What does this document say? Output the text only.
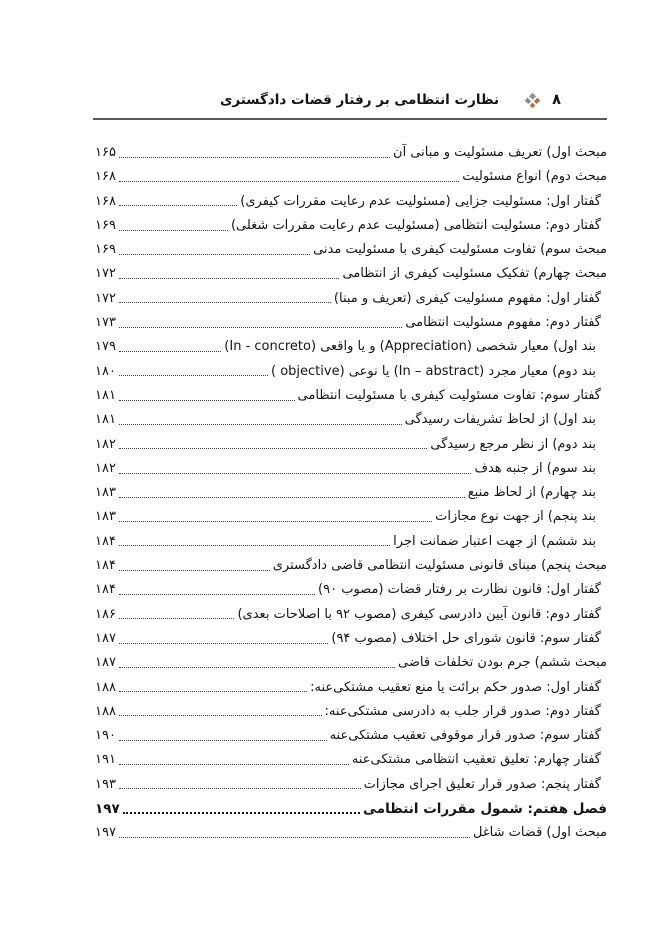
۸
نظارت انتظامی بر رفتار قضات دادگستری
مبحث اول) تعریف مسئولیت و مبانی آن
۱۶۵
مبحث دوم) انواع مسئولیت
۱۶۸
گفتار اول: مسئولیت جزایی (مسئولیت عدم رعایت مقررات کیفری)
۱۶۸
گفتار دوم: مسئولیت انتظامی (مسئولیت عدم رعایت مقررات شغلی)
۱۶۹
مبحث سوم) تفاوت مسئولیت کیفری با مسئولیت مدنی
۱۶۹
مبحث چهارم) تفکیک مسئولیت کیفری از انتظامی
۱۷۲
گفتار اول: مفهوم مسئولیت کیفری (تعریف و مبنا)
۱۷۲
گفتار دوم: مفهوم مسئولیت انتظامی
۱۷۳
بند اول) معیار شخصی (Appreciation) و یا واقعی (In - concreto)
۱۷۹
بند دوم) معیار مجرد (In – abstract) یا نوعی (objective )
۱۸۰
گفتار سوم: تفاوت مسئولیت کیفری با مسئولیت انتظامی
۱۸۱
بند اول) از لحاظ تشریفات رسیدگی
۱۸۱
بند دوم) از نظر مرجع رسیدگی
۱۸۲
بند سوم) از جنبه هدف
۱۸۲
بند چهارم) از لحاظ منبع
۱۸۳
بند پنجم) از جهت نوع مجازات
۱۸۳
بند ششم) از جهت اعتبار ضمانت اجرا
۱۸۴
مبحث پنجم) مبنای قانونی مسئولیت انتظامی قاضی دادگستری
۱۸۴
گفتار اول: قانون نظارت بر رفتار قضات (مصوب ۹۰)
۱۸۴
گفتار دوم: قانون آیین دادرسی کیفری (مصوب ۹۲ با اصلاحات بعدی)
۱۸۶
گفتار سوم: قانون شورای حل اختلاف (مصوب ۹۴)
۱۸۷
مبحث ششم) جرم بودن تخلفات قاضی
۱۸۷
گفتار اول: صدور حکم برائت یا منع تعقیب مشتکی‌عنه:
۱۸۸
گفتار دوم: صدور قرار جلب به دادرسی مشتکی‌عنه:
۱۸۸
گفتار سوم: صدور قرار موقوفی تعقیب مشتکی‌عنه
۱۹۰
گفتار چهارم: تعلیق تعقیب انتظامی مشتکی‌عنه
۱۹۱
گفتار پنجم: صدور قرار تعلیق اجرای مجازات
۱۹۳
فصل هفتم: شمول مقررات انتظامی
۱۹۷
مبحث اول) قضات شاغل
۱۹۷
